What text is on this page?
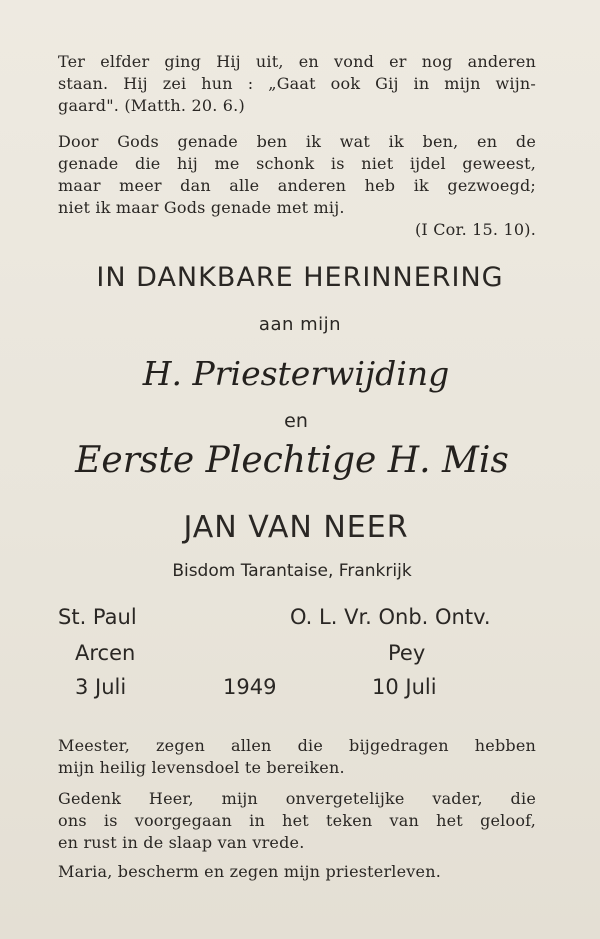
Ter elfder ging Hij uit, en vond er nog anderen
staan. Hij zei hun : „Gaat ook Gij in mijn wijn-
gaard". (Matth. 20. 6.)
Door Gods genade ben ik wat ik ben, en de
genade die hij me schonk is niet ijdel geweest,
maar meer dan alle anderen heb ik gezwoegd;
niet ik maar Gods genade met mij.
(I Cor. 15. 10).
IN DANKBARE HERINNERING
aan mijn
H. Priesterwijding
en
Eerste Plechtige H. Mis
JAN VAN NEER
Bisdom Tarantaise, Frankrijk
St. Paul
Arcen
3 Juli	1949
O. L. Vr. Onb. Ontv.
Pey
10 Juli
Meester, zegen allen die bijgedragen hebben
mijn heilig levensdoel te bereiken.
Gedenk Heer, mijn onvergetelijke vader, die
ons is voorgegaan in het teken van het geloof,
en rust in de slaap van vrede.
Maria, bescherm en zegen mijn priesterleven.
